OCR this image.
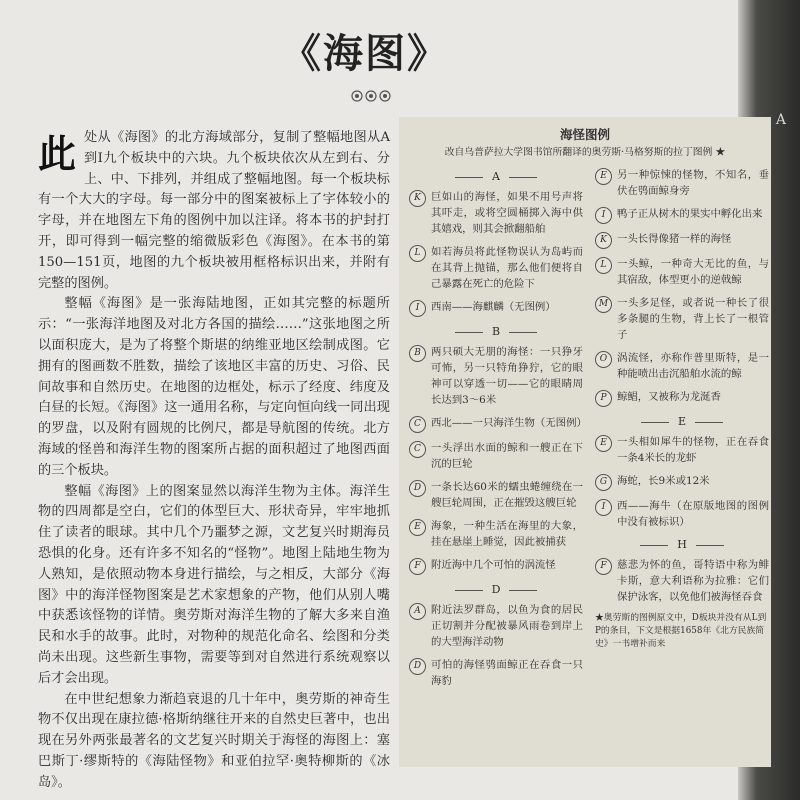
A
《海图》

此处从《海图》的北方海域部分，复制了整幅地图从A到I九个板块中的六块。九个板块依次从左到右、分上、中、下排列，并组成了整幅地图。每一个板块标有一个大大的字母。每一部分中的图案被标上了字体较小的字母，并在地图左下角的图例中加以注译。将本书的护封打开，即可得到一幅完整的缩微版彩色《海图》。在本书的第150—151页，地图的九个板块被用框格标识出来，并附有完整的图例。

整幅《海图》是一张海陆地图，正如其完整的标题所示：“一张海洋地图及对北方各国的描绘……”这张地图之所以面积庞大，是为了将整个斯堪的纳维亚地区绘制成图。它拥有的图画数不胜数，描绘了该地区丰富的历史、习俗、民间故事和自然历史。在地图的边框处，标示了经度、纬度及白昼的长短。《海图》这一通用名称，与定向恒向线一同出现的罗盘，以及附有圆规的比例尺，都是导航图的传统。北方海域的怪兽和海洋生物的图案所占据的面积超过了地图西面的三个板块。

整幅《海图》上的图案显然以海洋生物为主体。海洋生物的四周都是空白，它们的体型巨大、形状奇异，牢牢地抓住了读者的眼球。其中几个乃噩梦之源，文艺复兴时期海员恐惧的化身。还有许多不知名的“怪物”。地图上陆地生物为人熟知，是依照动物本身进行描绘，与之相反，大部分《海图》中的海洋怪物图案是艺术家想象的产物，他们从别人嘴中获悉该怪物的详情。奥劳斯对海洋生物的了解大多来自渔民和水手的故事。此时，对物种的规范化命名、绘图和分类尚未出现。这些新生事物，需要等到对自然进行系统观察以后才会出现。

在中世纪想象力渐趋衰退的几十年中，奥劳斯的神奇生物不仅出现在康拉德·格斯纳继往开来的自然史巨著中，也出现在另外两张最著名的文艺复兴时期关于海怪的海图上：塞巴斯丁·缪斯特的《海陆怪物》和亚伯拉罕·奥特柳斯的《冰岛》。

海怪图例
改自乌普萨拉大学图书馆所翻译的奥劳斯·马格努斯的拉丁图例 ★
A
K 巨如山的海怪，如果不用号声将其吓走，或将空圆桶掷入海中供其嬉戏，则其会掀翻船舶
L	如若海员将此怪物误认为岛屿而在其背上抛锚，那么他们便将自己暴露在死亡的危险下
I	西南——海麒麟（无图例）
B
B 两只硕大无朋的海怪：一只狰牙可怖，另一只特角狰狞，它的眼神可以穿透一切——它的眼睛周长达到3～6米
C 西北——一只海洋生物（无图例）
C 一头浮出水面的鲸和一艘正在下沉的巨轮
D 一条长达60米的蠕虫蜷缠绕在一艘巨轮周围，正在摧毁这艘巨轮
E 海象，一种生活在海里的大象，挂在悬崖上睡觉，因此被捕获
F 附近海中几个可怕的涡流怪
D
A 附近法罗群岛，以鱼为食的居民正切割并分配被暴风雨卷到岸上的大型海洋动物
D 可怕的海怪鸮面鲸正在吞食一只海豹
E 另一种惊悚的怪物，不知名，垂伏在鸮面鲸身旁
I	鸭子正从树木的果实中孵化出来
K 一头长得像猪一样的海怪
L	一头鲸，一种奇大无比的鱼，与其宿敌，体型更小的逆戟鲸
M 一头多足怪，或者说一种长了很多条腿的生物，背上长了一根管子
O 涡流怪，亦称作普里斯特，是一种能喷出击沉船舶水流的鲸
P	鲸鲳，又被称为龙涎香
E
E 一头相如犀牛的怪物，正在吞食一条4米长的龙虾
G 海蛇，长9米或12米
I	西——海牛（在原版地图的图例中没有被标识）
H
F 慈悲为怀的鱼，哥特语中称为鲱卡斯，意大利语称为拉雅：它们保护泳客，以免他们被海怪吞食
★奥劳斯的图例原文中，D板块并没有从L到P的条目，下文是根据1658年《北方民族简史》一书增补而来
